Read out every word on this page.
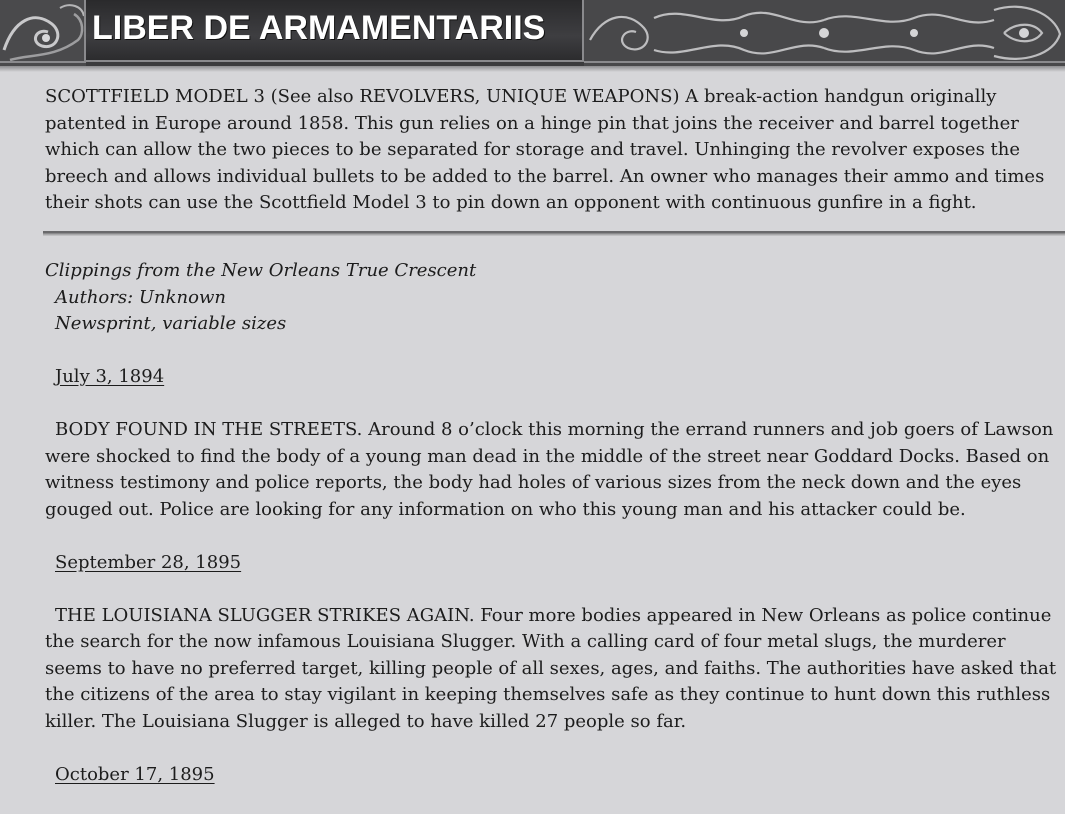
LIBER DE ARMAMENTARIIS

SCOTTFIELD MODEL 3 (See also REVOLVERS, UNIQUE WEAPONS) A break-action handgun originally patented in Europe around 1858. This gun relies on a hinge pin that joins the receiver and barrel together which can allow the two pieces to be separated for storage and travel. Unhinging the revolver exposes the breech and allows individual bullets to be added to the barrel. An owner who manages their ammo and times their shots can use the Scottfield Model 3 to pin down an opponent with continuous gunfire in a fight.

Clippings from the New Orleans True Crescent

Authors: Unknown

Newsprint, variable sizes

July 3, 1894

BODY FOUND IN THE STREETS. Around 8 o’clock this morning the errand runners and job goers of Lawson were shocked to find the body of a young man dead in the middle of the street near Goddard Docks. Based on witness testimony and police reports, the body had holes of various sizes from the neck down and the eyes gouged out. Police are looking for any information on who this young man and his attacker could be.

September 28, 1895

THE LOUISIANA SLUGGER STRIKES AGAIN. Four more bodies appeared in New Orleans as police continue the search for the now infamous Louisiana Slugger. With a calling card of four metal slugs, the murderer seems to have no preferred target, killing people of all sexes, ages, and faiths. The authorities have asked that the citizens of the area to stay vigilant in keeping themselves safe as they continue to hunt down this ruthless killer. The Louisiana Slugger is alleged to have killed 27 people so far.

October 17, 1895
